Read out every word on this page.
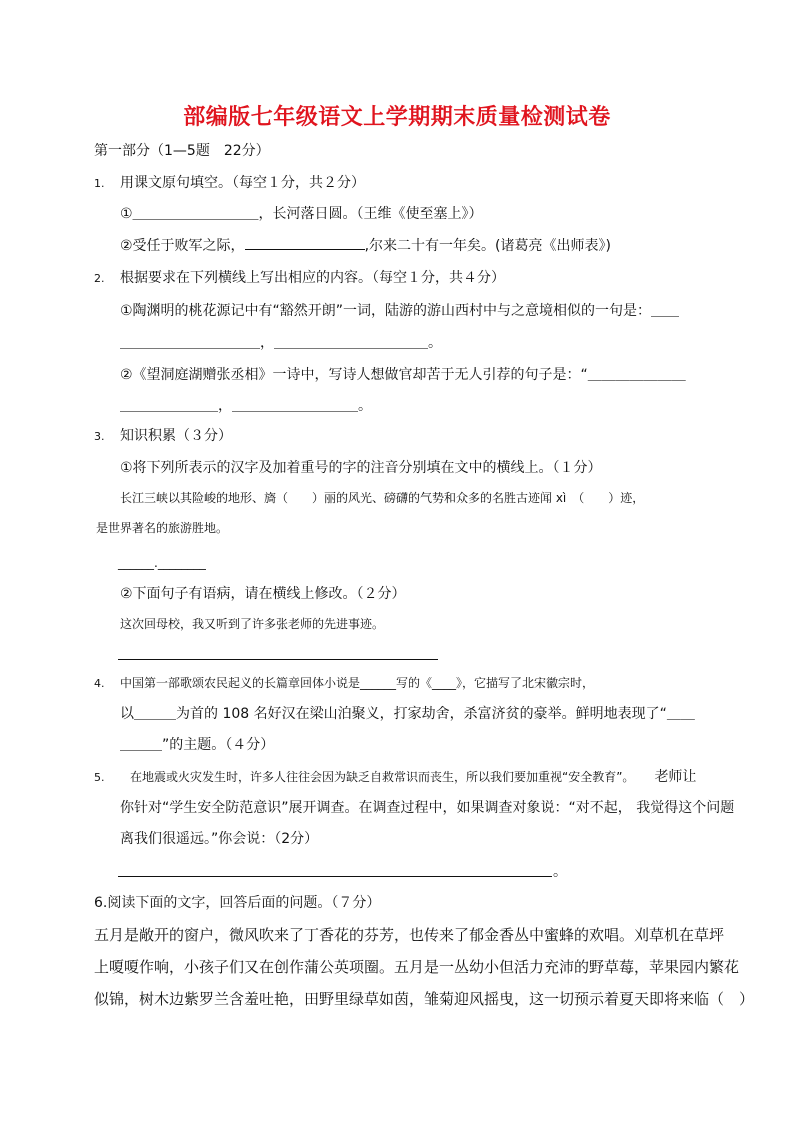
部编版七年级语文上学期期末质量检测试卷
第一部分（1—5题　22分）
1. 用课文原句填空。（每空１分，共２分）
①＿＿＿＿＿＿＿＿＿，长河落日圆。（王维《使至塞上》）
②受任于败军之际，	,尔来二十有一年矣。(诸葛亮《出师表》)
2. 根据要求在下列横线上写出相应的内容。（每空１分，共４分）
①陶渊明的桃花源记中有“豁然开朗”一词，陆游的游山西村中与之意境相似的一句是：＿＿
＿＿＿＿＿＿＿＿＿＿，＿＿＿＿＿＿＿＿＿＿＿。
②《望洞庭湖赠张丞相》一诗中，写诗人想做官却苦于无人引荐的句子是：“＿＿＿＿＿＿＿
＿＿＿＿＿＿＿，＿＿＿＿＿＿＿＿＿。
3. 知识积累（３分）
①将下列所表示的汉字及加着重号的字的注音分别填在文中的横线上。（１分）
长江三峡以其险峻的地形、旖（　　）丽的风光、磅礴的气势和众多的名胜古迹闻 xì　（　　）迹，
是世界著名的旅游胜地。
______.________
②下面句子有语病，请在横线上修改。（２分）
这次回母校，我又听到了许多张老师的先进事迹。
4. 中国第一部歌颂农民起义的长篇章回体小说是______写的《____》，它描写了北宋徽宗时，
以＿＿＿为首的 108 名好汉在梁山泊聚义，打家劫舍，杀富济贫的豪举。鲜明地表现了“＿＿
＿＿＿”的主题。（４分）
5. 在地震或火灾发生时，许多人往往会因为缺乏自救常识而丧生，所以我们要加重视“安全教育”。 老师让
你针对“学生安全防范意识”展开调查。在调查过程中，如果调查对象说：“对不起， 我觉得这个问题
离我们很遥远。”你会说：（2分）
。
6.阅读下面的文字，回答后面的问题。（７分）
五月是敞开的窗户，微风吹来了丁香花的芬芳，也传来了郁金香丛中蜜蜂的欢唱。刈草机在草坪
上嗄嗄作响，小孩子们又在创作蒲公英项圈。五月是一丛幼小但活力充沛的野草莓，苹果园内繁花
似锦，树木边紫罗兰含羞吐艳，田野里绿草如茵，雏菊迎风摇曳，这一切预示着夏天即将来临（　）
